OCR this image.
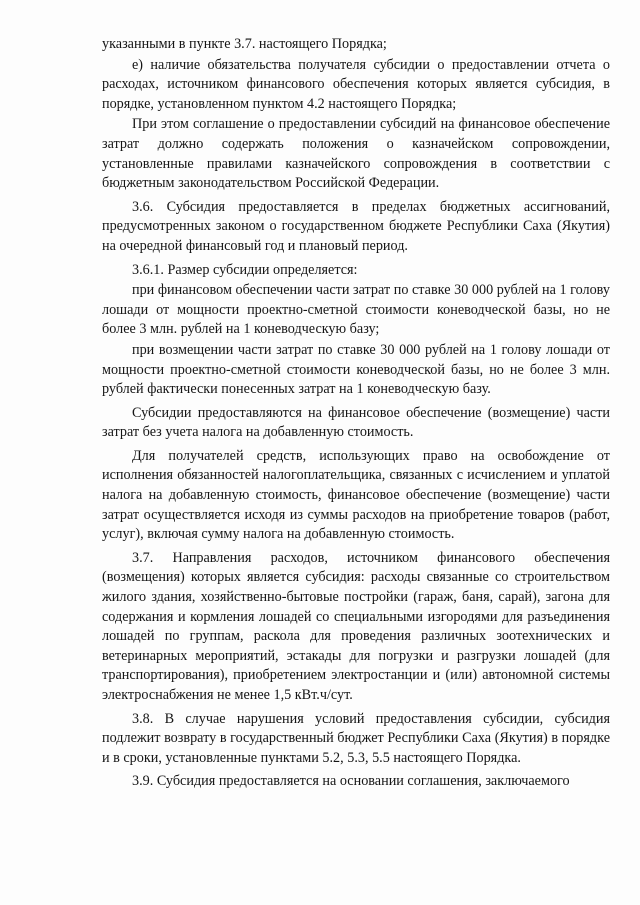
указанными в пункте 3.7. настоящего Порядка;

е) наличие обязательства получателя субсидии о предоставлении отчета о расходах, источником финансового обеспечения которых является субсидия, в порядке, установленном пунктом 4.2 настоящего Порядка;

При этом соглашение о предоставлении субсидий на финансовое обеспечение затрат должно содержать положения о казначейском сопровождении, установленные правилами казначейского сопровождения в соответствии с бюджетным законодательством Российской Федерации.

3.6. Субсидия предоставляется в пределах бюджетных ассигнований, предусмотренных законом о государственном бюджете Республики Саха (Якутия) на очередной финансовый год и плановый период.

3.6.1. Размер субсидии определяется:

при финансовом обеспечении части затрат по ставке 30 000 рублей на 1 голову лошади от мощности проектно-сметной стоимости коневодческой базы, но не более 3 млн. рублей на 1 коневодческую базу;

при возмещении части затрат по ставке 30 000 рублей на 1 голову лошади от мощности проектно-сметной стоимости коневодческой базы, но не более 3 млн. рублей фактически понесенных затрат на 1 коневодческую базу.

Субсидии предоставляются на финансовое обеспечение (возмещение) части затрат без учета налога на добавленную стоимость.

Для получателей средств, использующих право на освобождение от исполнения обязанностей налогоплательщика, связанных с исчислением и уплатой налога на добавленную стоимость, финансовое обеспечение (возмещение) части затрат осуществляется исходя из суммы расходов на приобретение товаров (работ, услуг), включая сумму налога на добавленную стоимость.

3.7. Направления расходов, источником финансового обеспечения (возмещения) которых является субсидия: расходы связанные со строительством жилого здания, хозяйственно-бытовые постройки (гараж, баня, сарай), загона для содержания и кормления лошадей со специальными изгородями для разъединения лошадей по группам, раскола для проведения различных зоотехнических и ветеринарных мероприятий, эстакады для погрузки и разгрузки лошадей (для транспортирования), приобретением электростанции и (или) автономной системы электроснабжения не менее 1,5 кВт.ч/сут.

3.8. В случае нарушения условий предоставления субсидии, субсидия подлежит возврату в государственный бюджет Республики Саха (Якутия) в порядке и в сроки, установленные пунктами 5.2, 5.3, 5.5 настоящего Порядка.

3.9. Субсидия предоставляется на основании соглашения, заключаемого
